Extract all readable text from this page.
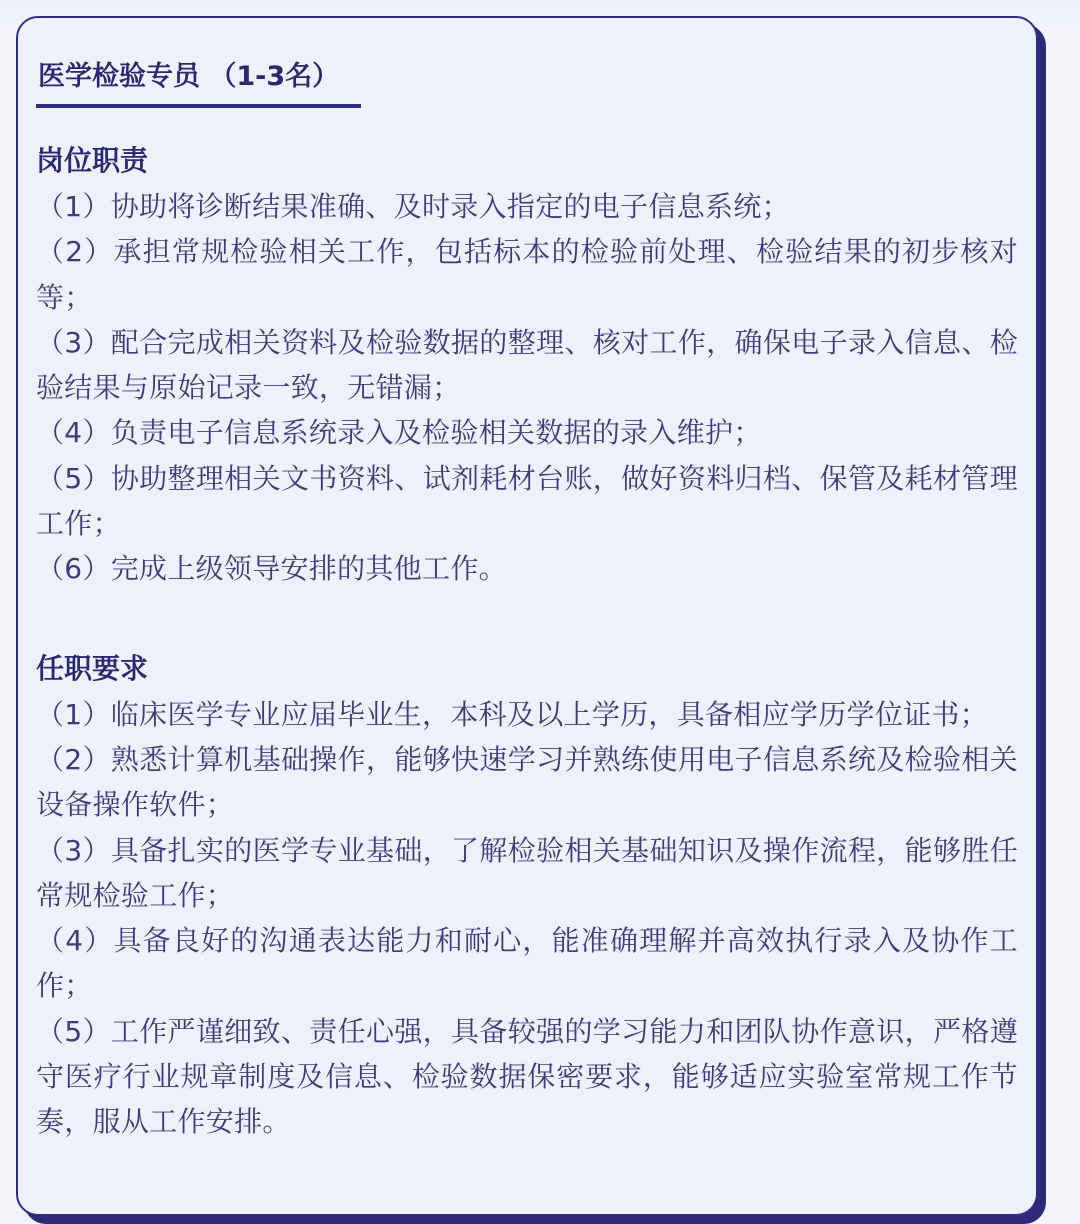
医学检验专员 （1-3名）
岗位职责

（1）协助将诊断结果准确、及时录入指定的电子信息系统；

（2）承担常规检验相关工作，包括标本的检验前处理、检验结果的初步核对等；

（3）配合完成相关资料及检验数据的整理、核对工作，确保电子录入信息、检验结果与原始记录一致，无错漏；

（4）负责电子信息系统录入及检验相关数据的录入维护；

（5）协助整理相关文书资料、试剂耗材台账，做好资料归档、保管及耗材管理工作；

（6）完成上级领导安排的其他工作。

任职要求

（1）临床医学专业应届毕业生，本科及以上学历，具备相应学历学位证书；

（2）熟悉计算机基础操作，能够快速学习并熟练使用电子信息系统及检验相关设备操作软件；

（3）具备扎实的医学专业基础，了解检验相关基础知识及操作流程，能够胜任常规检验工作；

（4）具备良好的沟通表达能力和耐心，能准确理解并高效执行录入及协作工作；

（5）工作严谨细致、责任心强，具备较强的学习能力和团队协作意识，严格遵守医疗行业规章制度及信息、检验数据保密要求，能够适应实验室常规工作节奏，服从工作安排。
